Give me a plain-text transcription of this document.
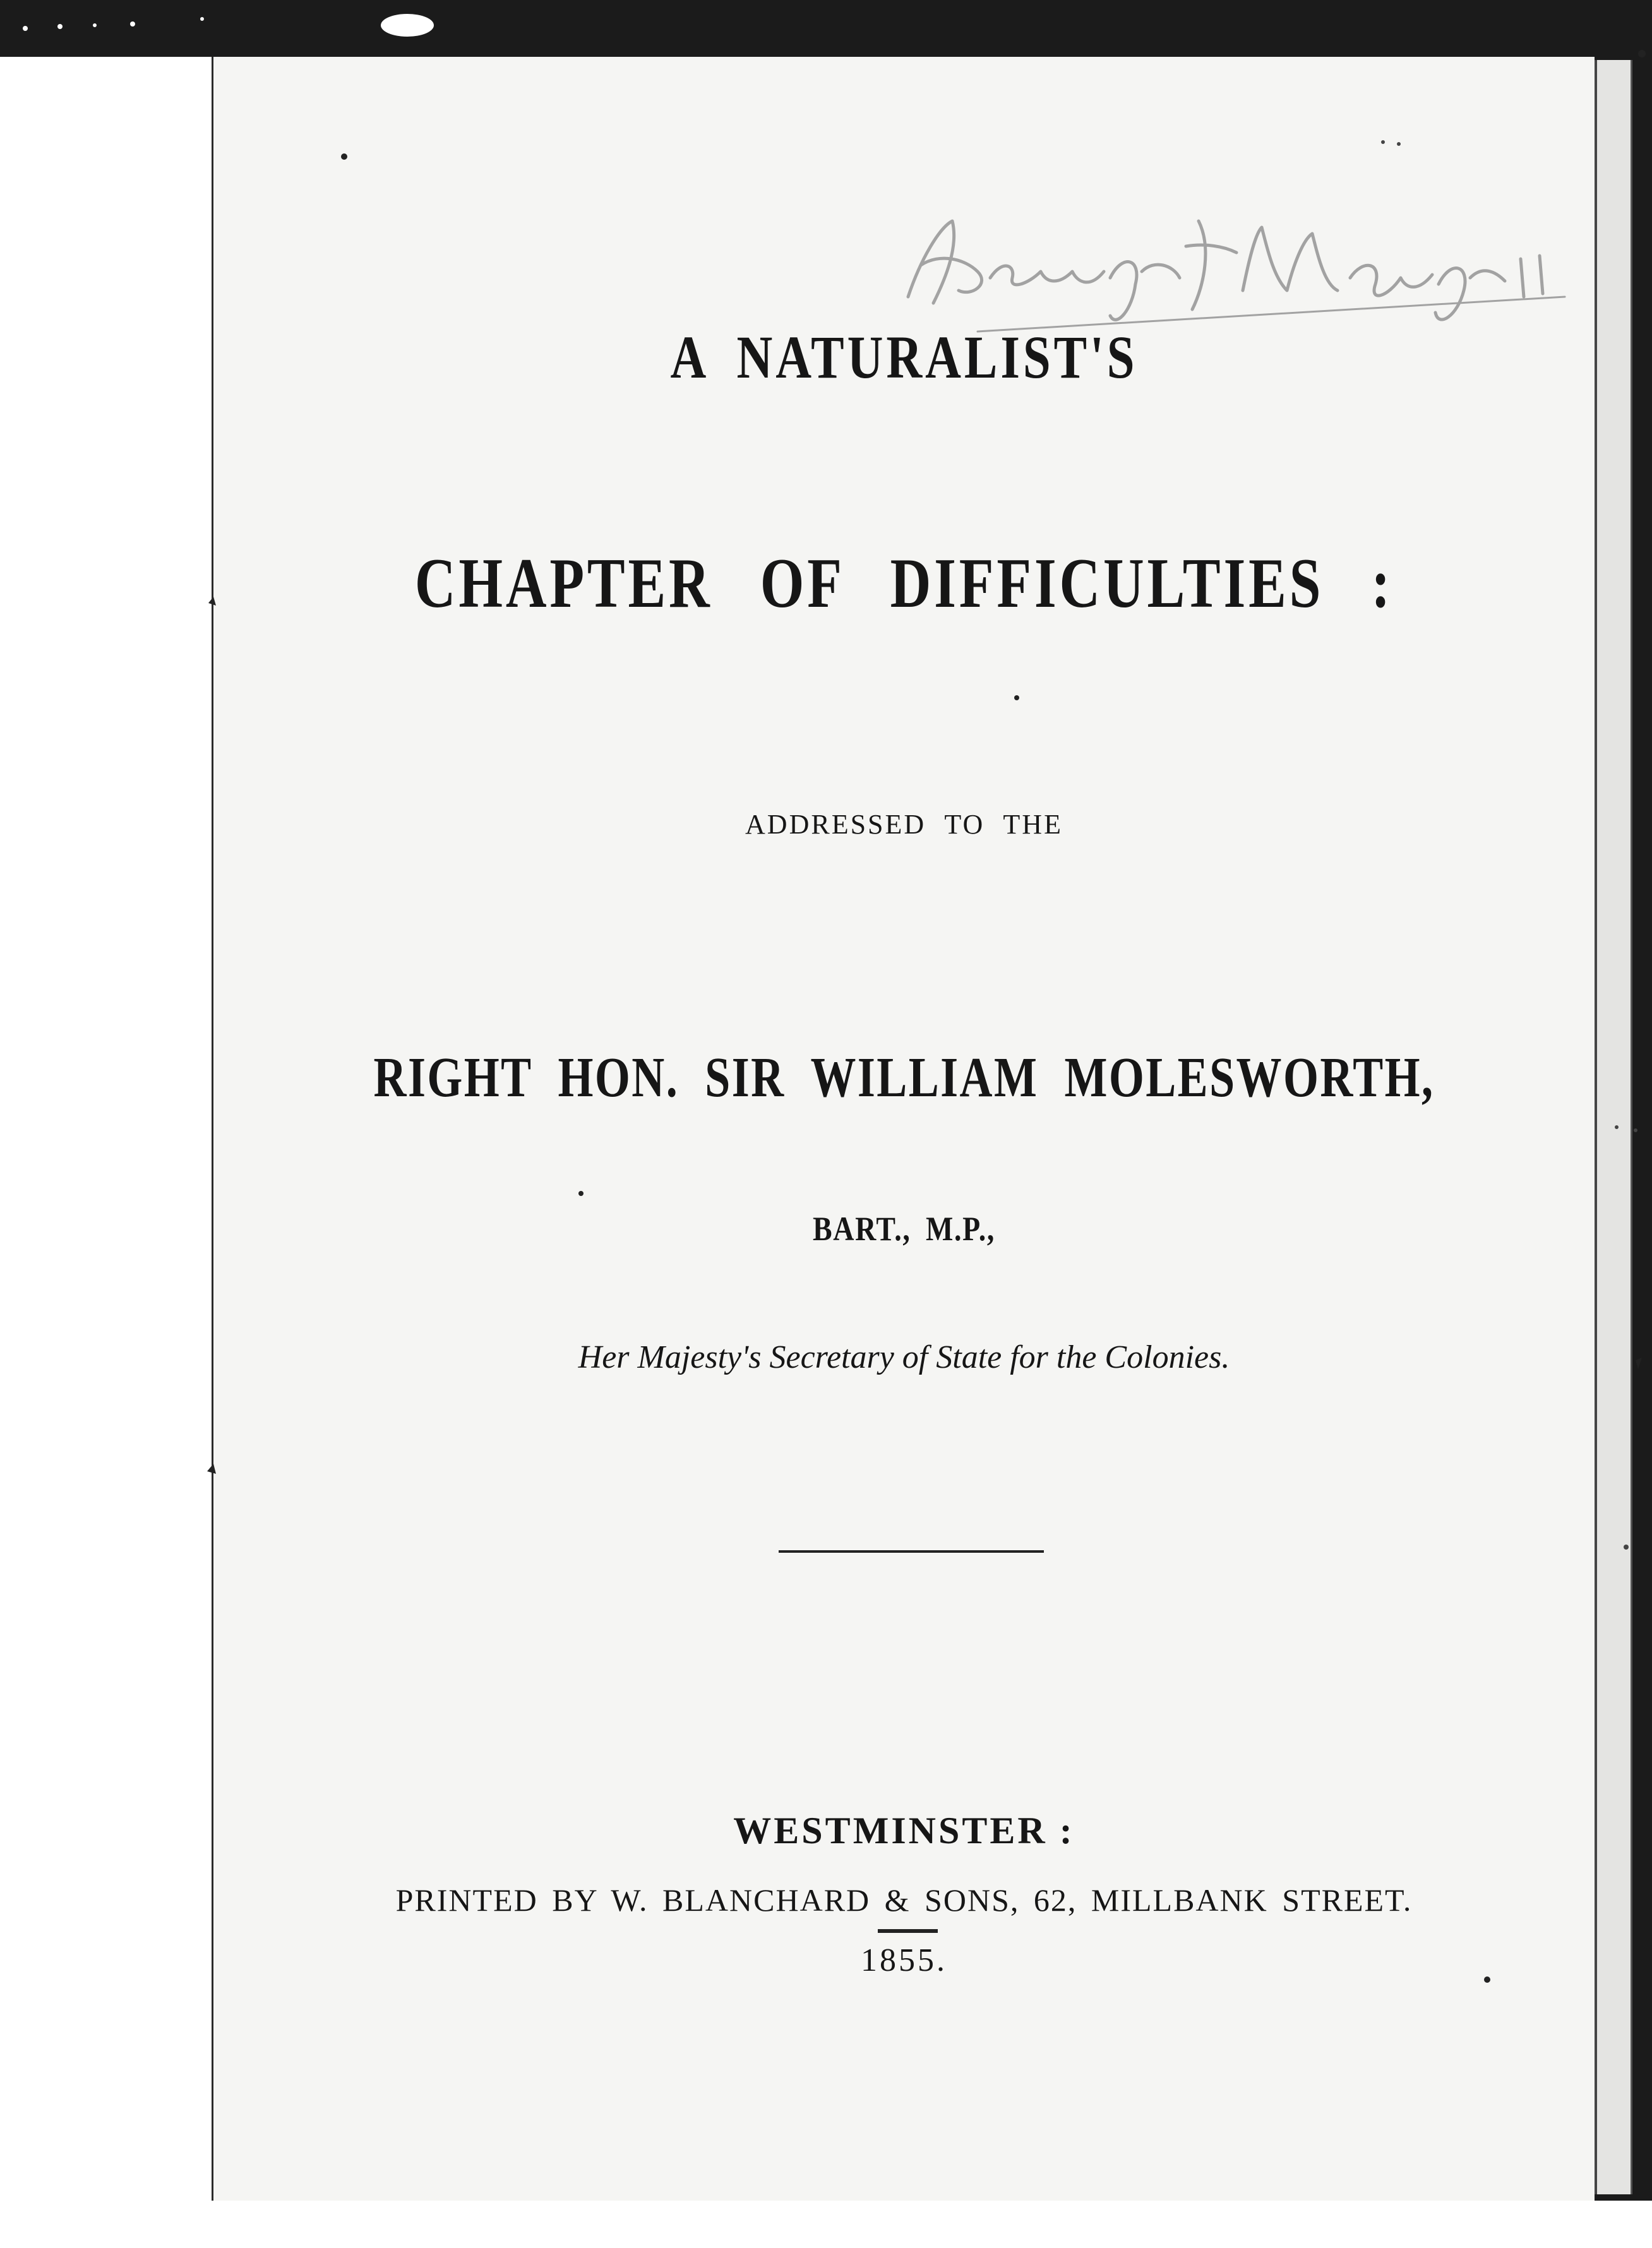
A NATURALIST'S
CHAPTER OF DIFFICULTIES :
ADDRESSED TO THE
RIGHT HON. SIR WILLIAM MOLESWORTH,
BART., M.P.,
Her Majesty's Secretary of State for the Colonies.
WESTMINSTER :
PRINTED BY W. BLANCHARD & SONS, 62, MILLBANK STREET.
1855.
